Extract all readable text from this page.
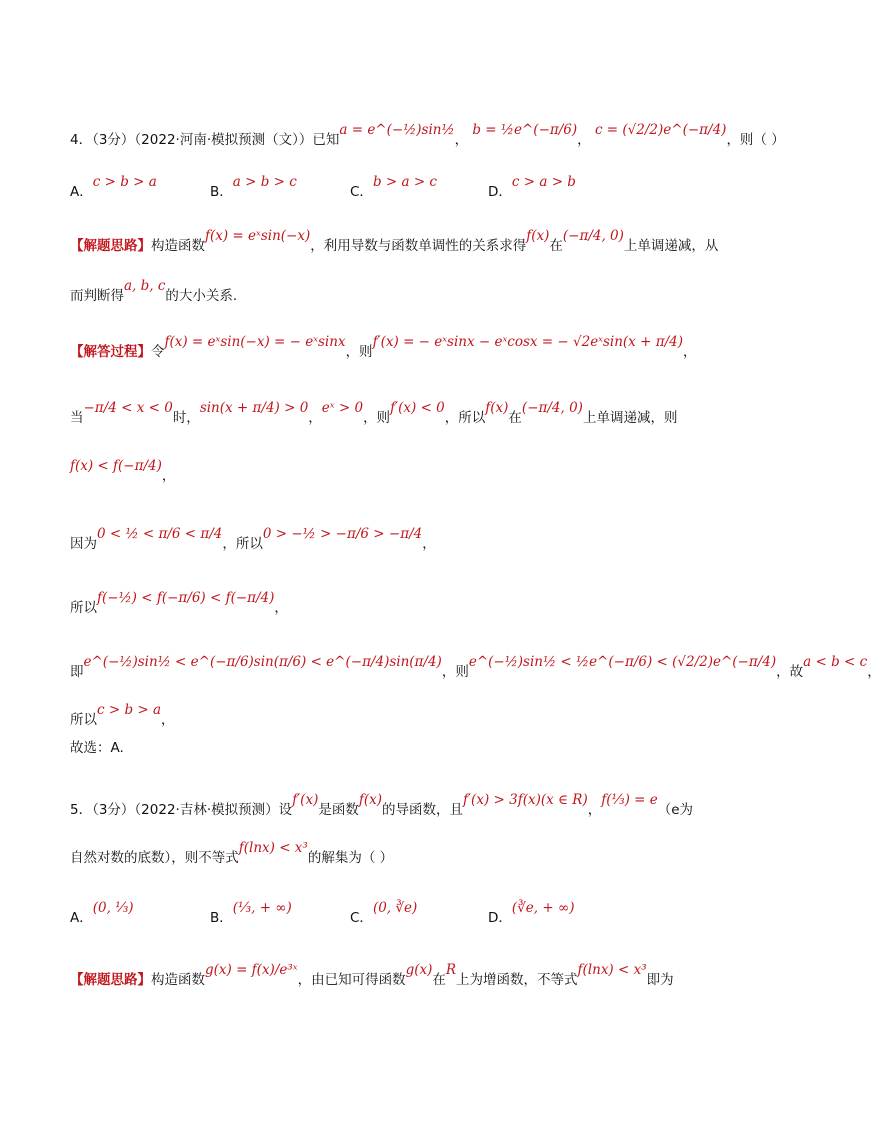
4．（3分）（2022·河南·模拟预测（文））已知a = e^(−½)sin½， b = ½e^(−π/6)， c = (√2/2)e^(−π/4)，则（ ）
A．c > b > a
B．a > b > c
C．b > a > c
D．c > a > b
【解题思路】构造函数f(x) = eˣsin(−x)，利用导数与函数单调性的关系求得f(x)在(−π/4, 0)上单调递减，从
而判断得a, b, c的大小关系.
【解答过程】令f(x) = eˣsin(−x) = − eˣsinx，则f′(x) = − eˣsinx − eˣcosx = − √2eˣsin(x + π/4)，
当−π/4 < x < 0时，sin(x + π/4) > 0，eˣ > 0，则f′(x) < 0，所以f(x)在(−π/4, 0)上单调递减，则
f(x) < f(−π/4)，
因为0 < ½ < π/6 < π/4，所以0 > −½ > −π/6 > −π/4，
所以f(−½) < f(−π/6) < f(−π/4)，
即e^(−½)sin½ < e^(−π/6)sin(π/6) < e^(−π/4)sin(π/4)，则e^(−½)sin½ < ½e^(−π/6) < (√2/2)e^(−π/4)，故a < b < c，
所以c > b > a，
故选：A.
5．（3分）（2022·吉林·模拟预测）设f′(x)是函数f(x)的导函数，且f′(x) > 3f(x)(x ∈ R)，f(⅓) = e（e为
自然对数的底数），则不等式f(lnx) < x³的解集为（ ）
A．(0, ⅓)
B．(⅓, + ∞)
C．(0, ∛e)
D．(∛e, + ∞)
【解题思路】构造函数g(x) = f(x)/e³ˣ，由已知可得函数g(x)在R上为增函数，不等式f(lnx) < x³即为
